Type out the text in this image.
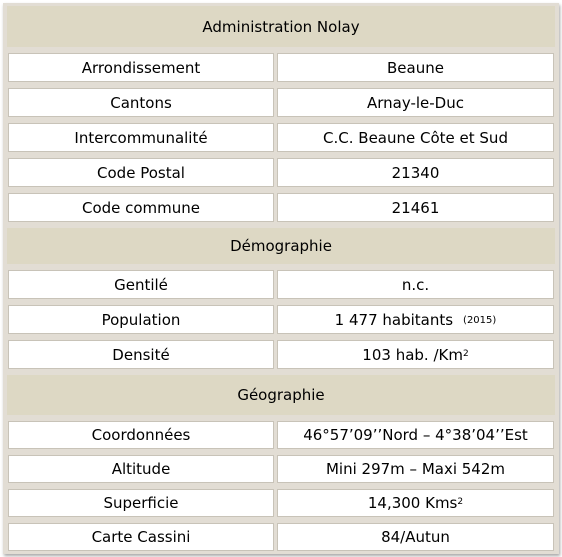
Administration Nolay
Arrondissement	Beaune
Cantons	Arnay-le-Duc
Intercommunalité	C.C. Beaune Côte et Sud
Code Postal	21340
Code commune	21461
Démographie
Gentilé	n.c.
Population	1 477 habitants (2015)
Densité	103 hab. /Km$^2$
Géographie
Coordonnées	46°57’09’’Nord – 4°38’04’’Est
Altitude	Mini 297m – Maxi 542m
Superficie	14,300 Kms$^2$
Carte Cassini	84/Autun
